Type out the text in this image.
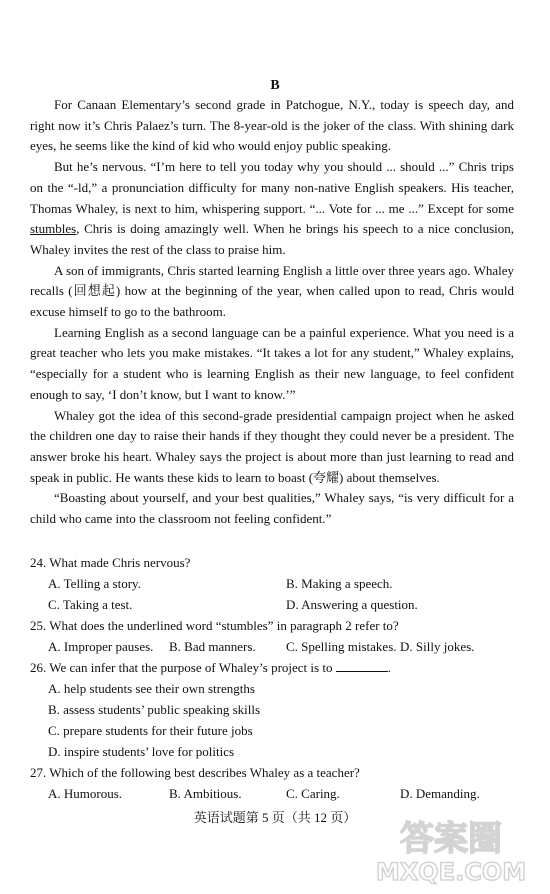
B

For Canaan Elementary’s second grade in Patchogue, N.Y., today is speech day, and right now it’s Chris Palaez’s turn. The 8-year-old is the joker of the class. With shining dark eyes, he seems like the kind of kid who would enjoy public speaking.

But he’s nervous. “I’m here to tell you today why you should ... should ...” Chris trips on the “-ld,” a pronunciation difficulty for many non-native English speakers. His teacher, Thomas Whaley, is next to him, whispering support. “... Vote for ... me ...” Except for some stumbles, Chris is doing amazingly well. When he brings his speech to a nice conclusion, Whaley invites the rest of the class to praise him.

A son of immigrants, Chris started learning English a little over three years ago. Whaley recalls (回想起) how at the beginning of the year, when called upon to read, Chris would excuse himself to go to the bathroom.

Learning English as a second language can be a painful experience. What you need is a great teacher who lets you make mistakes. “It takes a lot for any student,” Whaley explains, “especially for a student who is learning English as their new language, to feel confident enough to say, ‘I don’t know, but I want to know.’”

Whaley got the idea of this second-grade presidential campaign project when he asked the children one day to raise their hands if they thought they could never be a president. The answer broke his heart. Whaley says the project is about more than just learning to read and speak in public. He wants these kids to learn to boast (夸耀) about themselves.

“Boasting about yourself, and your best qualities,” Whaley says, “is very difficult for a child who came into the classroom not feeling confident.”

24. What made Chris nervous?
A. Telling a story.	B. Making a speech.
C. Taking a test.	D. Answering a question.
25. What does the underlined word “stumbles” in paragraph 2 refer to?
A. Improper pauses. B. Bad manners. C. Spelling mistakes. D. Silly jokes.
26. We can infer that the purpose of Whaley’s project is to	.
A. help students see their own strengths
B. assess students’ public speaking skills
C. prepare students for their future jobs
D. inspire students’ love for politics
27. Which of the following best describes Whaley as a teacher?
A. Humorous.	B. Ambitious.	C. Caring.	D. Demanding.
英语试题第 5 页（共 12 页）
答案圈
MXQE.COM
